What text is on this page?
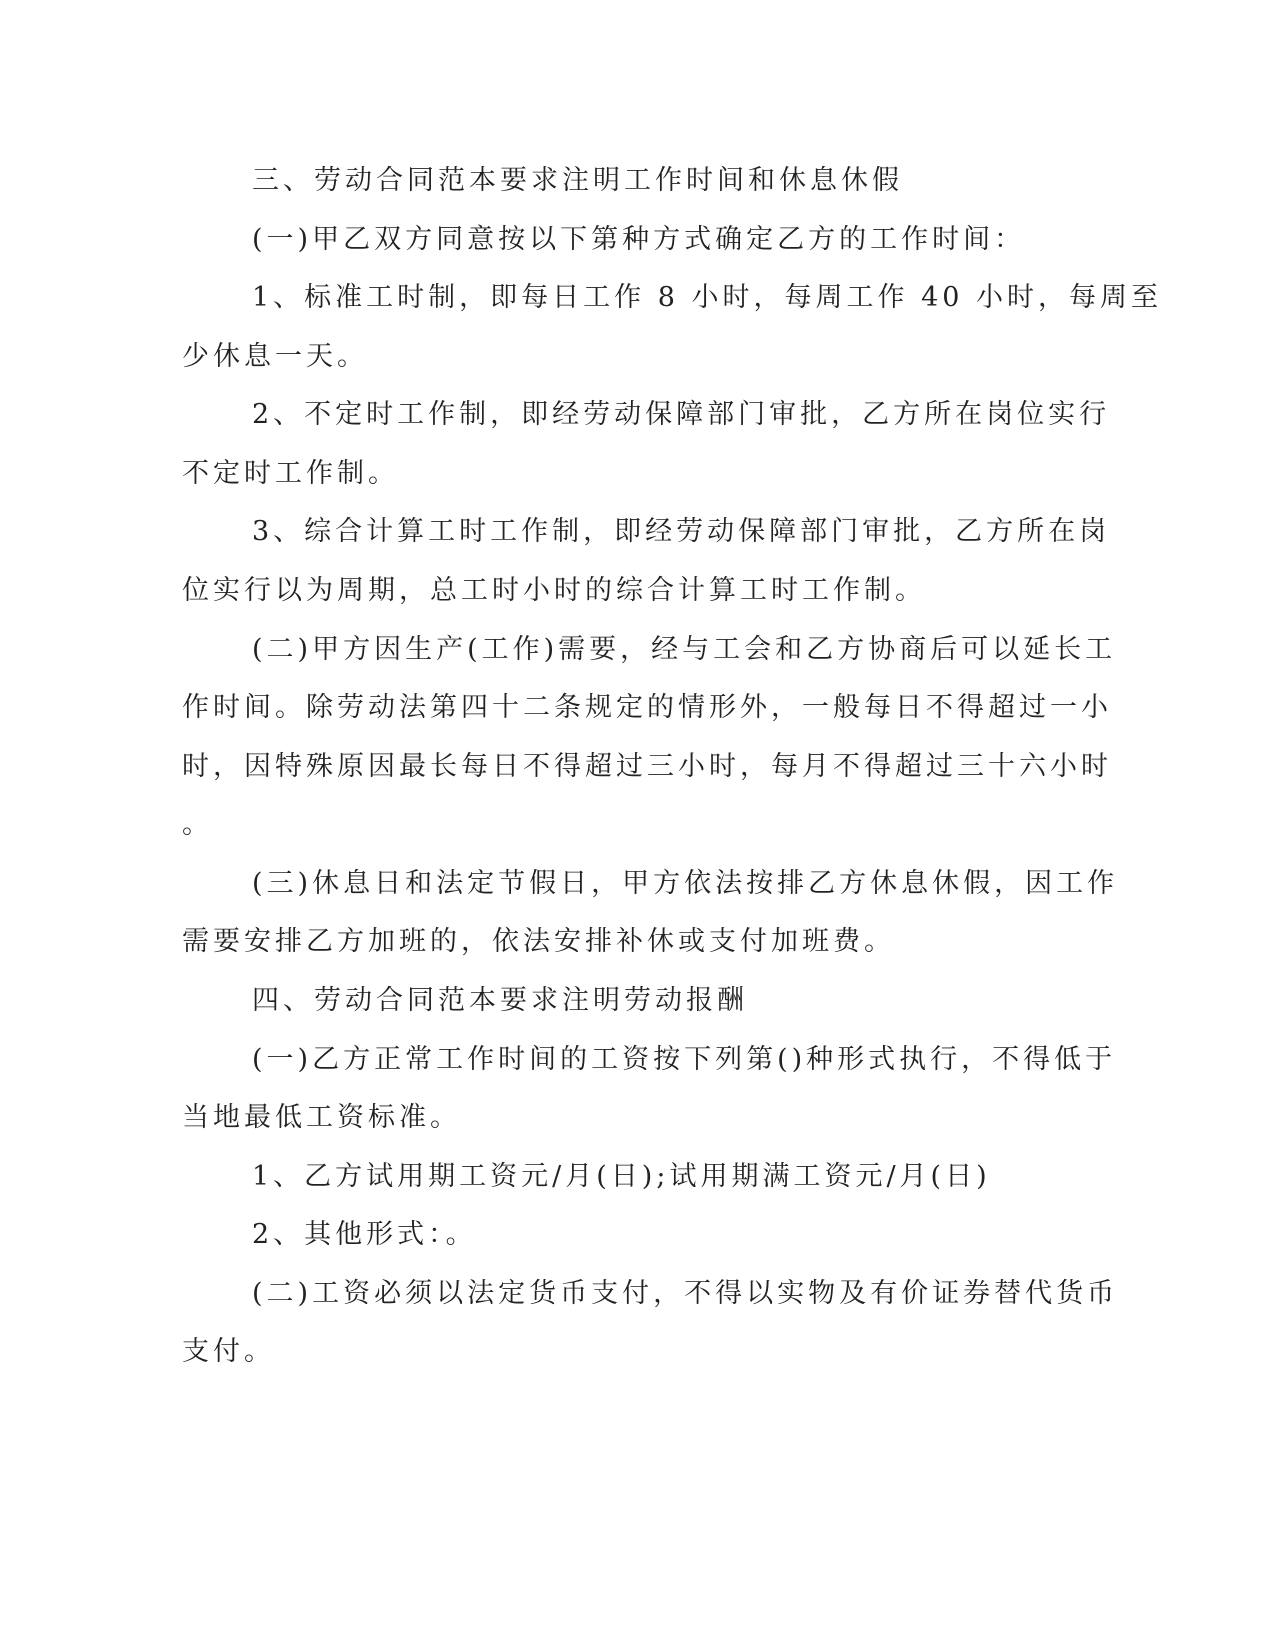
三、劳动合同范本要求注明工作时间和休息休假

(一)甲乙双方同意按以下第种方式确定乙方的工作时间：

1、标准工时制，即每日工作 8 小时，每周工作 40 小时，每周至

少休息一天。

2、不定时工作制，即经劳动保障部门审批，乙方所在岗位实行

不定时工作制。

3、综合计算工时工作制，即经劳动保障部门审批，乙方所在岗

位实行以为周期，总工时小时的综合计算工时工作制。

(二)甲方因生产(工作)需要，经与工会和乙方协商后可以延长工

作时间。除劳动法第四十二条规定的情形外，一般每日不得超过一小

时，因特殊原因最长每日不得超过三小时，每月不得超过三十六小时

。

(三)休息日和法定节假日，甲方依法按排乙方休息休假，因工作

需要安排乙方加班的，依法安排补休或支付加班费。

四、劳动合同范本要求注明劳动报酬

(一)乙方正常工作时间的工资按下列第()种形式执行，不得低于

当地最低工资标准。

1、乙方试用期工资元/月(日);试用期满工资元/月(日)

2、其他形式：。

(二)工资必须以法定货币支付，不得以实物及有价证券替代货币

支付。
